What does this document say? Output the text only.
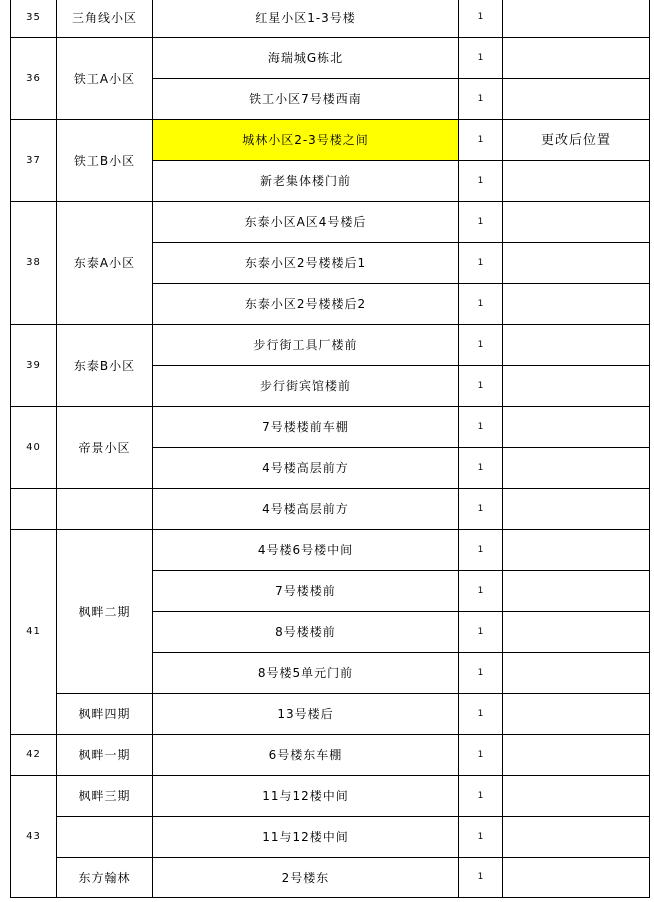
35	三角线小区	红星小区1-3号楼	1	
36	铁工A小区	海瑞城G栋北	1	
		铁工小区7号楼西南	1	
37	铁工B小区	城林小区2-3号楼之间	1	更改后位置
		新老集体楼门前	1	
38	东泰A小区	东泰小区A区4号楼后	1	
		东泰小区2号楼楼后1	1	
		东泰小区2号楼楼后2	1	
39	东泰B小区	步行街工具厂楼前	1	
		步行街宾馆楼前	1	
40	帝景小区	7号楼楼前车棚	1	
		4号楼高层前方	1	
		4号楼高层前方	1	
41	枫畔二期	4号楼6号楼中间	1	
		7号楼楼前	1	
		8号楼楼前	1	
		8号楼5单元门前	1	
	枫畔四期	13号楼后	1	
42	枫畔一期	6号楼东车棚	1	
43	枫畔三期	11与12楼中间	1	
		11与12楼中间	1	
	东方翰林	2号楼东	1	
